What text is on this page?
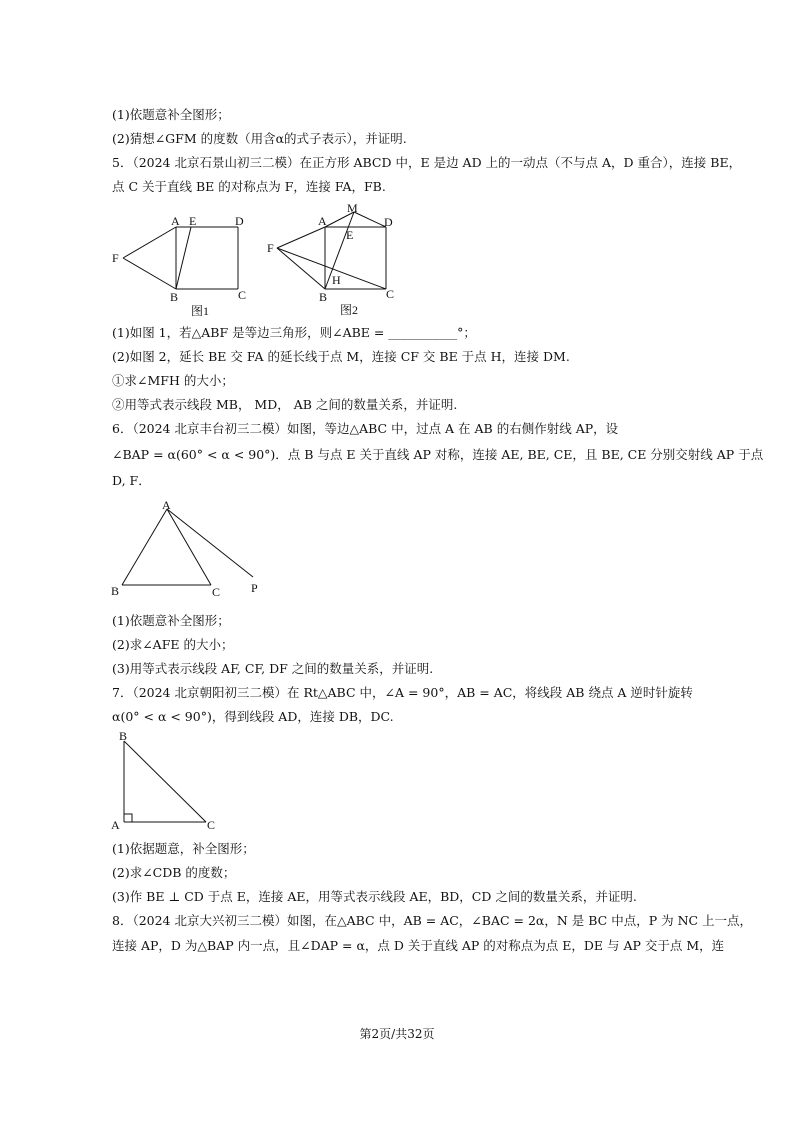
(1)依题意补全图形；
(2)猜想∠GFM 的度数（用含α的式子表示），并证明.
5．（2024 北京石景山初三二模）在正方形 ABCD 中，E 是边 AD 上的一动点（不与点 A，D 重合），连接 BE，
点 C 关于直线 BE 的对称点为 F，连接 FA，FB.
A E	D
F
B	C
图1
M
A	D
E
F
H
B	C
图2
(1)如图 1，若△ABF 是等边三角形，则∠ABE = ___________°；
(2)如图 2，延长 BE 交 FA 的延长线于点 M，连接 CF 交 BE 于点 H，连接 DM.
①求∠MFH 的大小；
②用等式表示线段 MB， MD， AB 之间的数量关系，并证明.
6．（2024 北京丰台初三二模）如图，等边△ABC 中，过点 A 在 AB 的右侧作射线 AP，设
∠BAP = α(60° < α < 90°)．点 B 与点 E 关于直线 AP 对称，连接 AE, BE, CE，且 BE, CE 分别交射线 AP 于点
D, F．
A
B	C	P
(1)依题意补全图形；
(2)求∠AFE 的大小；
(3)用等式表示线段 AF, CF, DF 之间的数量关系，并证明.
7．（2024 北京朝阳初三二模）在 Rt△ABC 中，∠A = 90°，AB = AC，将线段 AB 绕点 A 逆时针旋转
α(0° < α < 90°)，得到线段 AD，连接 DB，DC.
B
A	C
(1)依据题意，补全图形；
(2)求∠CDB 的度数；
(3)作 BE ⊥ CD 于点 E，连接 AE，用等式表示线段 AE，BD，CD 之间的数量关系，并证明.
8．（2024 北京大兴初三二模）如图，在△ABC 中，AB = AC，∠BAC = 2α，N 是 BC 中点，P 为 NC 上一点，
连接 AP，D 为△BAP 内一点，且∠DAP = α，点 D 关于直线 AP 的对称点为点 E，DE 与 AP 交于点 M，连
第2页/共32页
